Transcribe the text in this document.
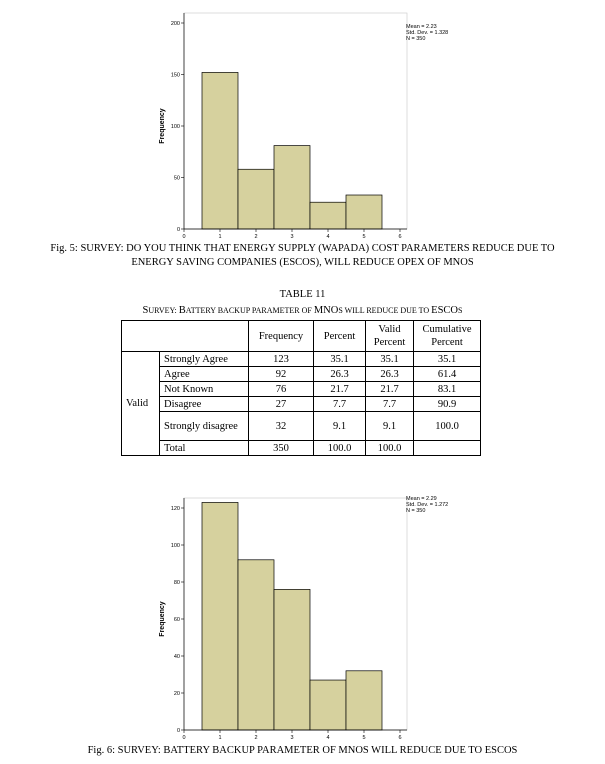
0
50
100
150
200
0	1	2	3	4	5	6
Frequency
Mean = 2.23
Std. Dev. = 1.328
N = 350
Fig. 5: SURVEY: DO YOU THINK THAT ENERGY SUPPLY (WAPADA) COST PARAMETERS REDUCE DUE TO
ENERGY SAVING COMPANIES (ESCOS), WILL REDUCE OPEX OF MNOS
TABLE 11
SURVEY: BATTERY BACKUP PARAMETER OF MNOS WILL REDUCE DUE TO ESCOS
		Frequency	Percent	Valid Percent	Cumulative Percent
Valid	Strongly Agree	123	35.1	35.1	35.1
	Agree	92	26.3	26.3	61.4
	Not Known	76	21.7	21.7	83.1
	Disagree	27	7.7	7.7	90.9
	Strongly disagree	32	9.1	9.1	100.0
	Total	350	100.0	100.0	
0
20
40
60
80
100
120
0	1	2	3	4	5	6
Frequency
Mean = 2.29
Std. Dev. = 1.272
N = 350
Fig. 6: SURVEY: BATTERY BACKUP PARAMETER OF MNOS WILL REDUCE DUE TO ESCOS
